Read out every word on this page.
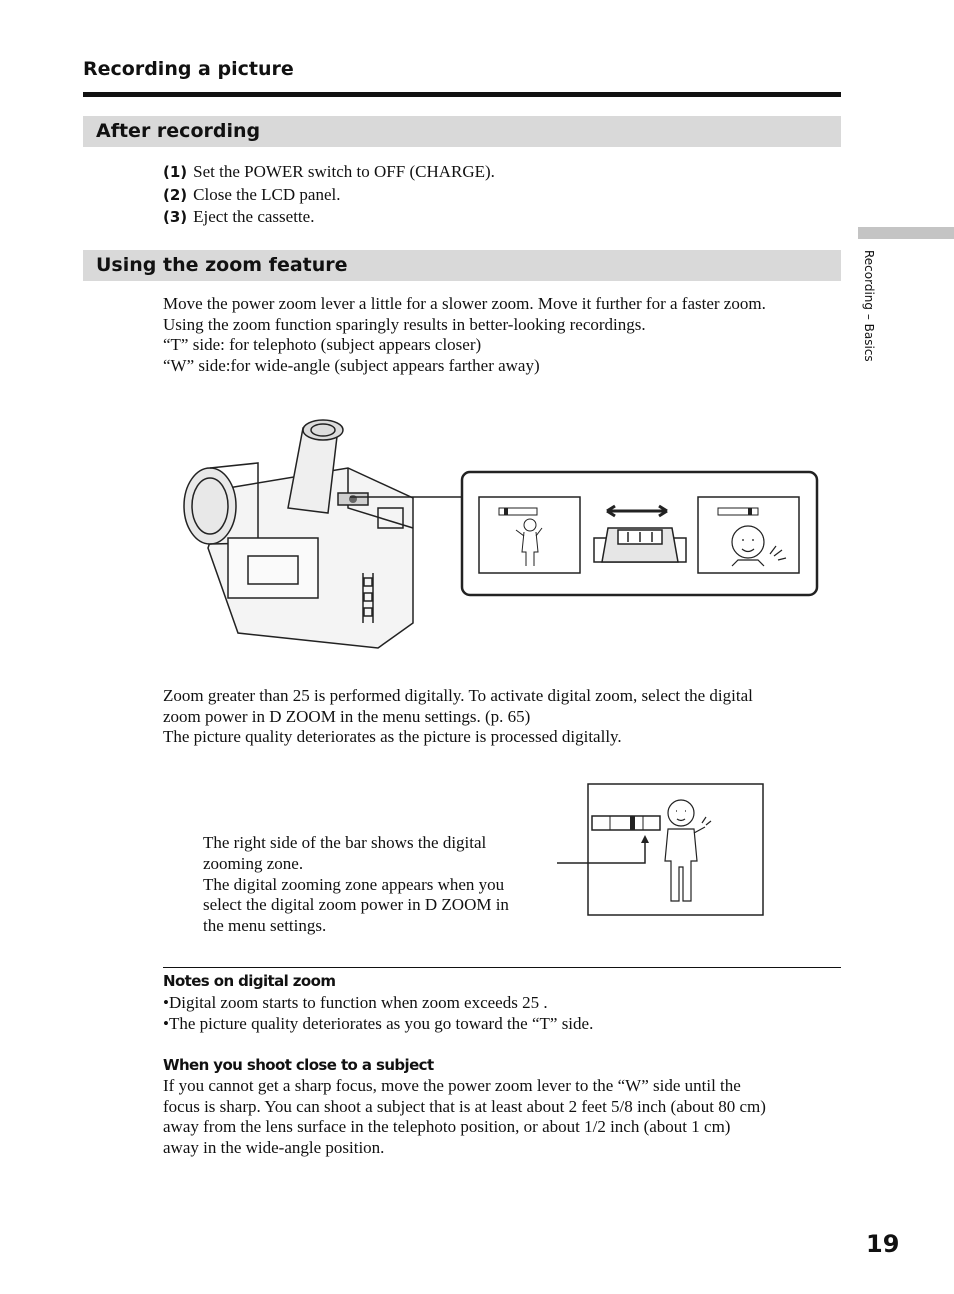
Recording a picture
Recording – Basics
After recording
(1) Set the POWER switch to OFF (CHARGE).
(2) Close the LCD panel.
(3) Eject the cassette.
Using the zoom feature
Move the power zoom lever a little for a slower zoom. Move it further for a faster zoom.
Using the zoom function sparingly results in better-looking recordings.
“T” side: for telephoto (subject appears closer)
“W” side:for wide-angle (subject appears farther away)
Zoom greater than 25 is performed digitally. To activate digital zoom, select the digital
zoom power in D ZOOM in the menu settings. (p. 65)
The picture quality deteriorates as the picture is processed digitally.
The right side of the bar shows the digital
zooming zone.
The digital zooming zone appears when you
select the digital zoom power in D ZOOM in
the menu settings.
Notes on digital zoom
•Digital zoom starts to function when zoom exceeds 25 .
•The picture quality deteriorates as you go toward the “T” side.
When you shoot close to a subject
If you cannot get a sharp focus, move the power zoom lever to the “W” side until the
focus is sharp. You can shoot a subject that is at least about 2 feet 5/8 inch (about 80 cm)
away from the lens surface in the telephoto position, or about 1/2 inch (about 1 cm)
away in the wide-angle position.
19
